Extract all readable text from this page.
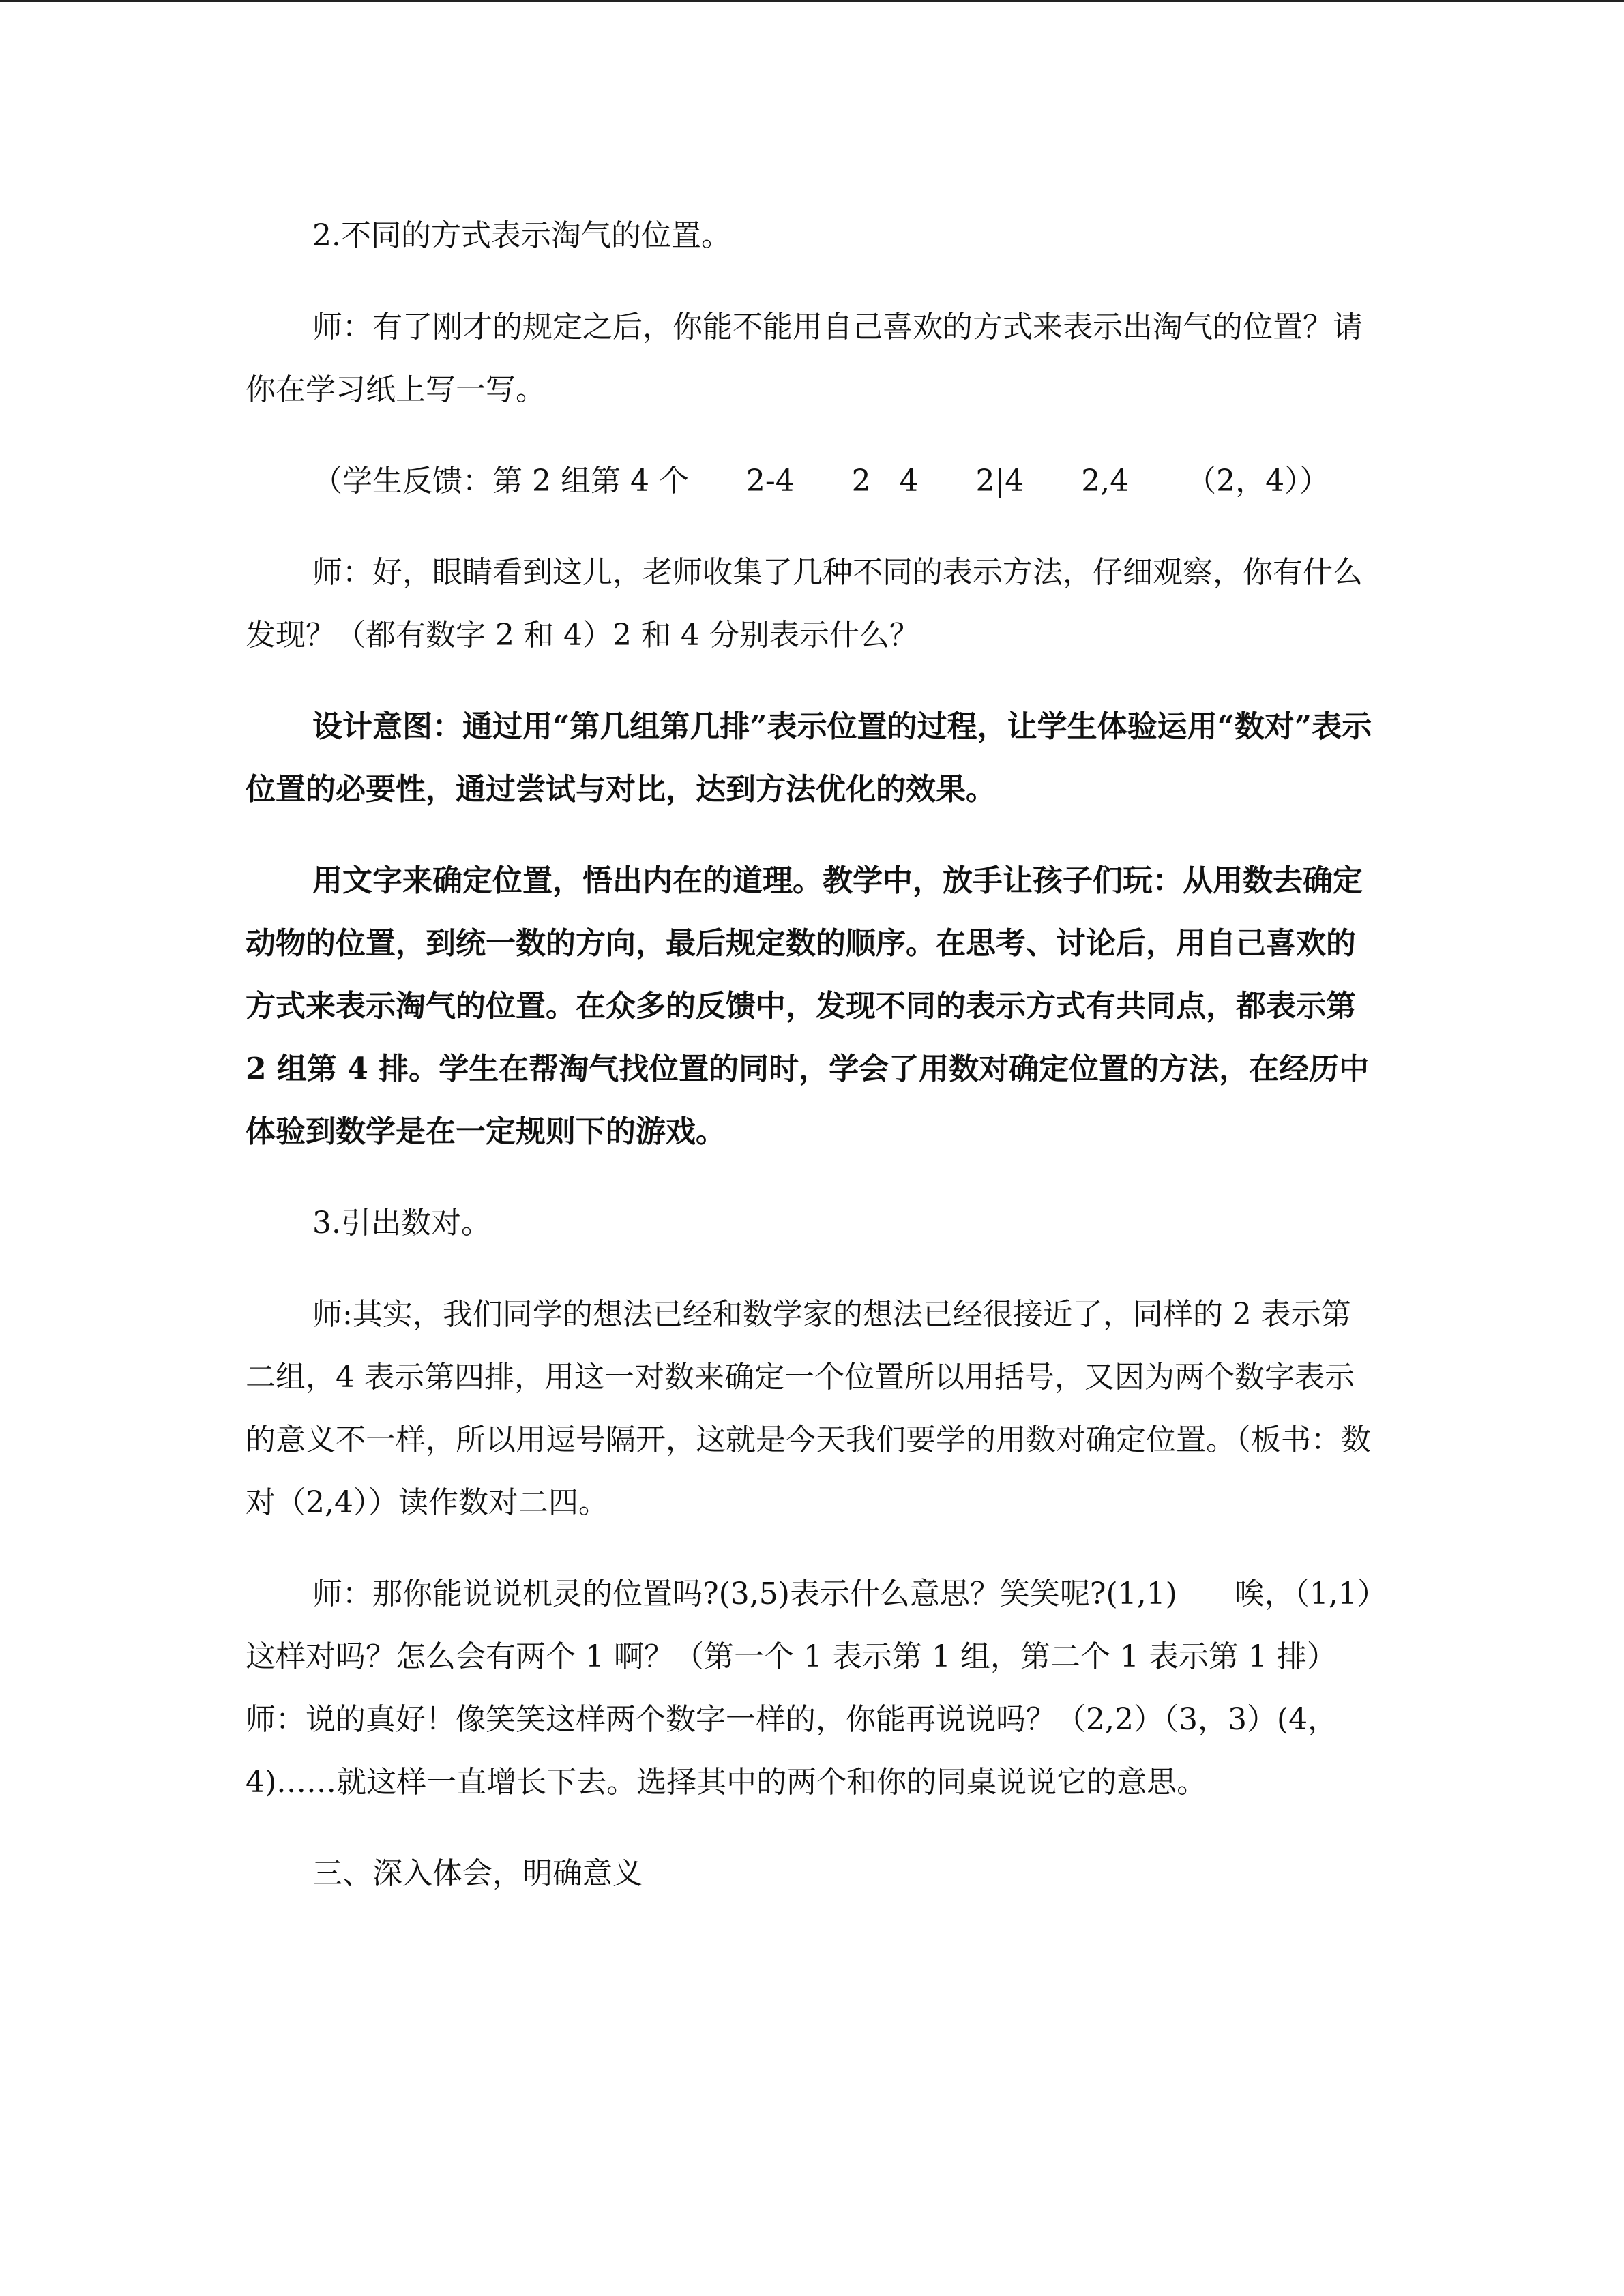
2.不同的方式表示淘气的位置。

师：有了刚才的规定之后，你能不能用自己喜欢的方式来表示出淘气的位置？请你在学习纸上写一写。

（学生反馈：第 2 组第 4 个      2-4      2   4      2|4      2,4      （2，4））

师：好，眼睛看到这儿，老师收集了几种不同的表示方法，仔细观察，你有什么发现？（都有数字 2 和 4）2 和 4 分别表示什么？

设计意图：通过用“第几组第几排”表示位置的过程，让学生体验运用“数对”表示位置的必要性，通过尝试与对比，达到方法优化的效果。

用文字来确定位置，悟出内在的道理。教学中，放手让孩子们玩：从用数去确定动物的位置，到统一数的方向，最后规定数的顺序。在思考、讨论后，用自己喜欢的方式来表示淘气的位置。在众多的反馈中，发现不同的表示方式有共同点，都表示第 2 组第 4 排。学生在帮淘气找位置的同时，学会了用数对确定位置的方法，在经历中体验到数学是在一定规则下的游戏。

3.引出数对。

师:其实，我们同学的想法已经和数学家的想法已经很接近了，同样的 2 表示第二组，4 表示第四排，用这一对数来确定一个位置所以用括号，又因为两个数字表示的意义不一样，所以用逗号隔开，这就是今天我们要学的用数对确定位置。（板书：数对（2,4））读作数对二四。

师：那你能说说机灵的位置吗?(3,5)表示什么意思？笑笑呢?(1,1)      唉，（1,1）这样对吗？怎么会有两个 1 啊？（第一个 1 表示第 1 组，第二个 1 表示第 1 排）          师：说的真好！像笑笑这样两个数字一样的，你能再说说吗？（2,2）（3，3）(4，4)……就这样一直增长下去。选择其中的两个和你的同桌说说它的意思。

三、深入体会，明确意义
